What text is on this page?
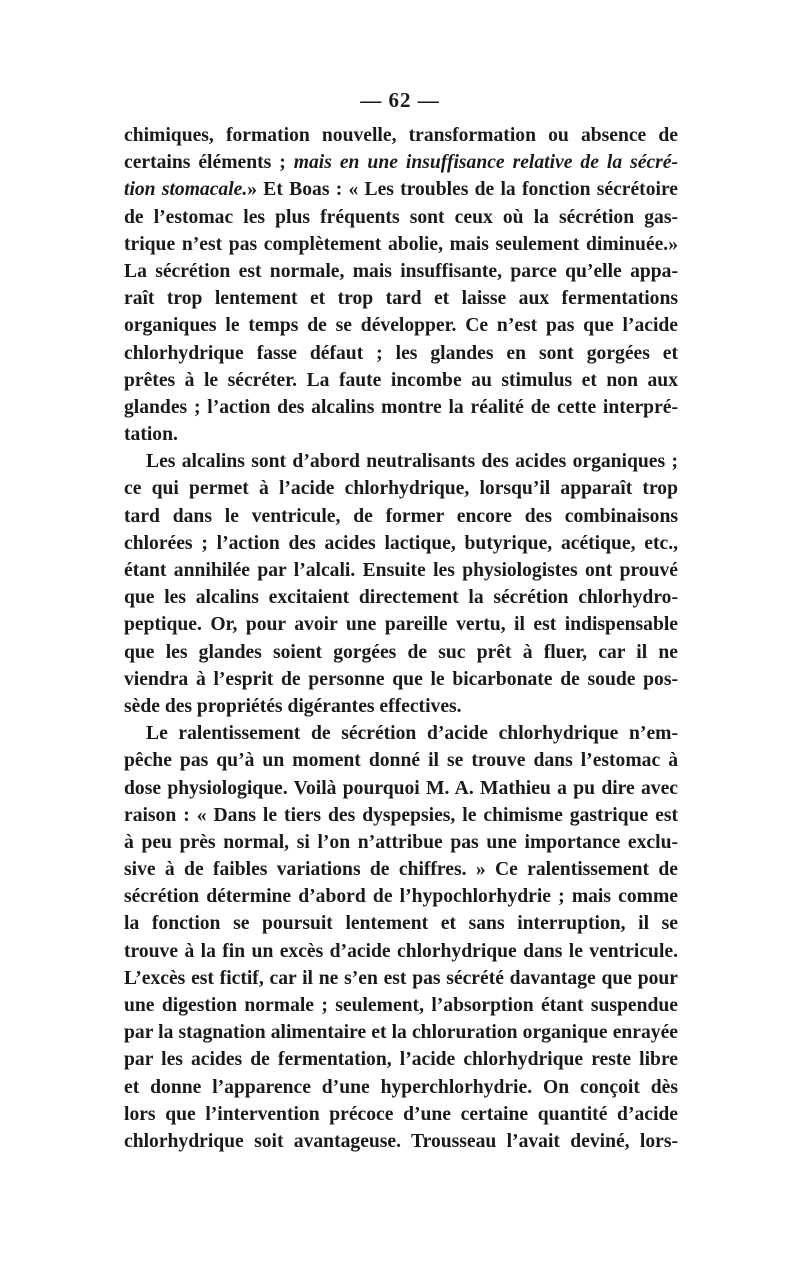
— 62 —
chimiques, formation nouvelle, transformation ou absence de
certains éléments ; mais en une insuffisance relative de la sécré-
tion stomacale.» Et Boas : « Les troubles de la fonction sécrétoire
de l’estomac les plus fréquents sont ceux où la sécrétion gas-
trique n’est pas complètement abolie, mais seulement diminuée.»
La sécrétion est normale, mais insuffisante, parce qu’elle appa-
raît trop lentement et trop tard et laisse aux fermentations
organiques le temps de se développer. Ce n’est pas que l’acide
chlorhydrique fasse défaut ; les glandes en sont gorgées et
prêtes à le sécréter. La faute incombe au stimulus et non aux
glandes ; l’action des alcalins montre la réalité de cette interpré-
tation.
Les alcalins sont d’abord neutralisants des acides organiques ;
ce qui permet à l’acide chlorhydrique, lorsqu’il apparaît trop
tard dans le ventricule, de former encore des combinaisons
chlorées ; l’action des acides lactique, butyrique, acétique, etc.,
étant annihilée par l’alcali. Ensuite les physiologistes ont prouvé
que les alcalins excitaient directement la sécrétion chlorhydro-
peptique. Or, pour avoir une pareille vertu, il est indispensable
que les glandes soient gorgées de suc prêt à fluer, car il ne
viendra à l’esprit de personne que le bicarbonate de soude pos-
sède des propriétés digérantes effectives.
Le ralentissement de sécrétion d’acide chlorhydrique n’em-
pêche pas qu’à un moment donné il se trouve dans l’estomac à
dose physiologique. Voilà pourquoi M. A. Mathieu a pu dire avec
raison : « Dans le tiers des dyspepsies, le chimisme gastrique est
à peu près normal, si l’on n’attribue pas une importance exclu-
sive à de faibles variations de chiffres. » Ce ralentissement de
sécrétion détermine d’abord de l’hypochlorhydrie ; mais comme
la fonction se poursuit lentement et sans interruption, il se
trouve à la fin un excès d’acide chlorhydrique dans le ventricule.
L’excès est fictif, car il ne s’en est pas sécrété davantage que pour
une digestion normale ; seulement, l’absorption étant suspendue
par la stagnation alimentaire et la chloruration organique enrayée
par les acides de fermentation, l’acide chlorhydrique reste libre
et donne l’apparence d’une hyperchlorhydrie. On conçoit dès
lors que l’intervention précoce d’une certaine quantité d’acide
chlorhydrique soit avantageuse. Trousseau l’avait deviné, lors-
